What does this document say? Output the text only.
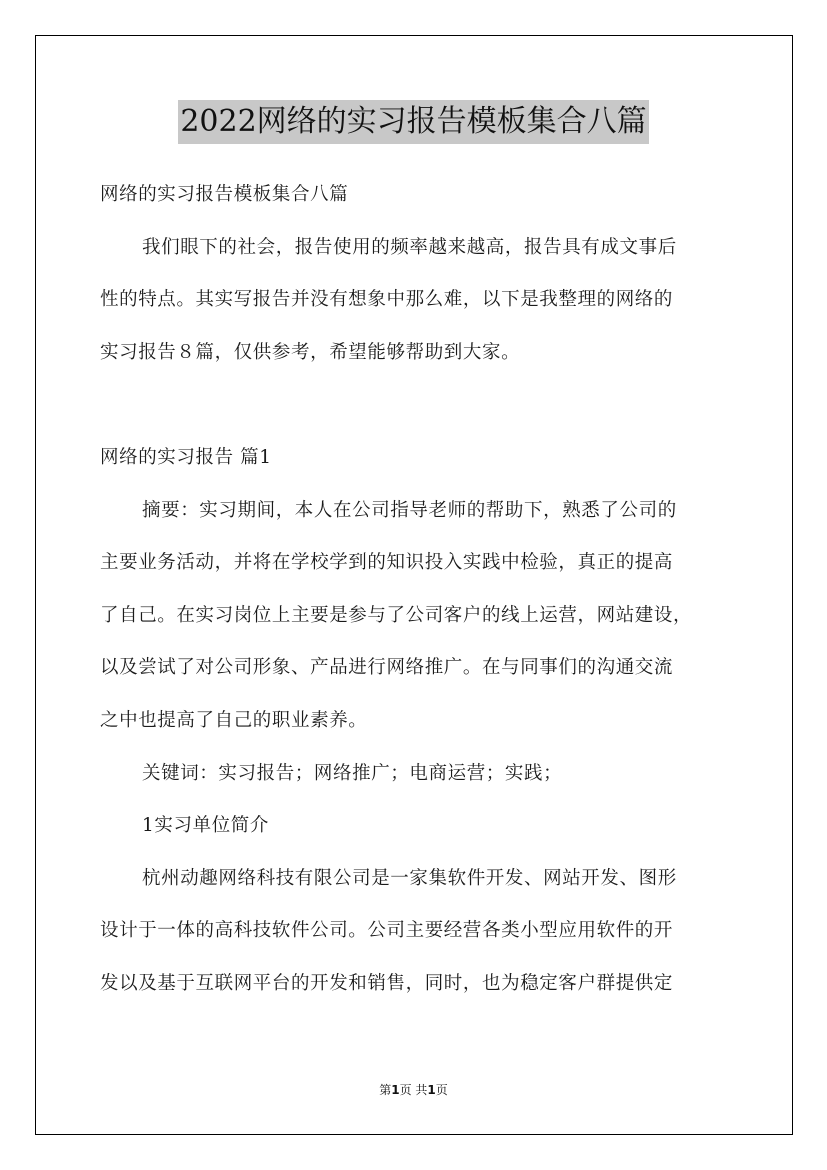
2022网络的实习报告模板集合八篇
网络的实习报告模板集合八篇
我们眼下的社会，报告使用的频率越来越高，报告具有成文事后
性的特点。其实写报告并没有想象中那么难，以下是我整理的网络的
实习报告８篇，仅供参考，希望能够帮助到大家。
网络的实习报告 篇1
摘要：实习期间，本人在公司指导老师的帮助下，熟悉了公司的
主要业务活动，并将在学校学到的知识投入实践中检验，真正的提高
了自己。在实习岗位上主要是参与了公司客户的线上运营，网站建设，
以及尝试了对公司形象、产品进行网络推广。在与同事们的沟通交流
之中也提高了自己的职业素养。
关键词：实习报告；网络推广；电商运营；实践；
1实习单位简介
杭州动趣网络科技有限公司是一家集软件开发、网站开发、图形
设计于一体的高科技软件公司。公司主要经营各类小型应用软件的开
发以及基于互联网平台的开发和销售，同时，也为稳定客户群提供定
第1页 共1页
